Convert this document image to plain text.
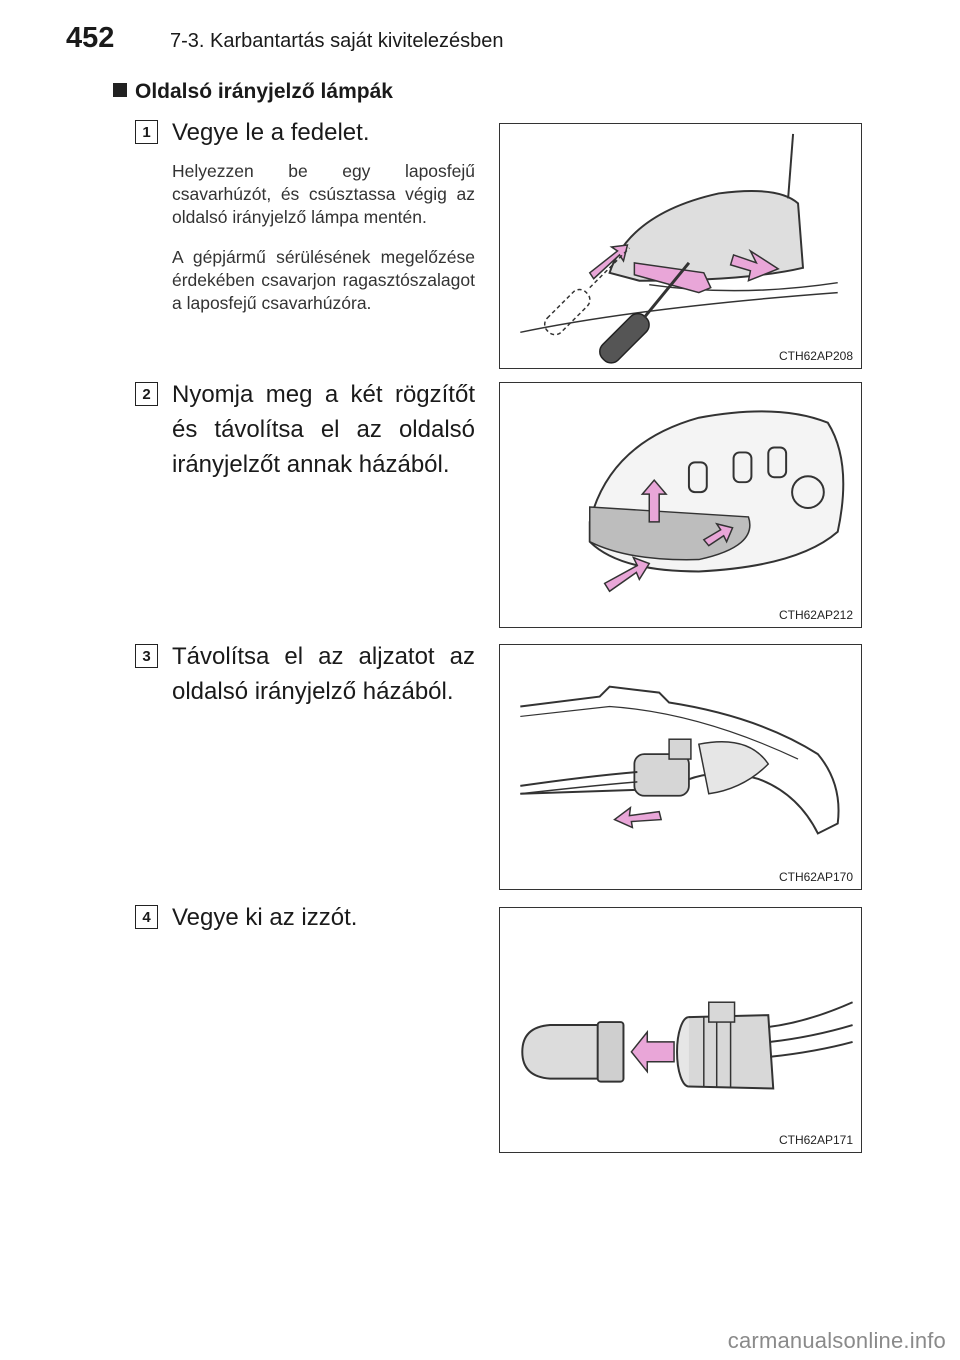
452	7-3. Karbantartás saját kivitelezésben
Oldalsó irányjelző lámpák
1 Vegye le a fedelet.
Helyezzen be egy laposfejű csavarhúzót, és csúsztassa végig az oldalsó irányjelző lámpa mentén.
A gépjármű sérülésének megelőzése érdekében csavarjon ragasztószalagot a laposfejű csavarhúzóra.
CTH62AP208
2 Nyomja meg a két rögzítőt és távolítsa el az oldalsó irányjelzőt annak házából.
CTH62AP212
3 Távolítsa el az aljzatot az oldalsó irányjelző házából.
CTH62AP170
4 Vegye ki az izzót.
CTH62AP171
carmanualsonline.info
